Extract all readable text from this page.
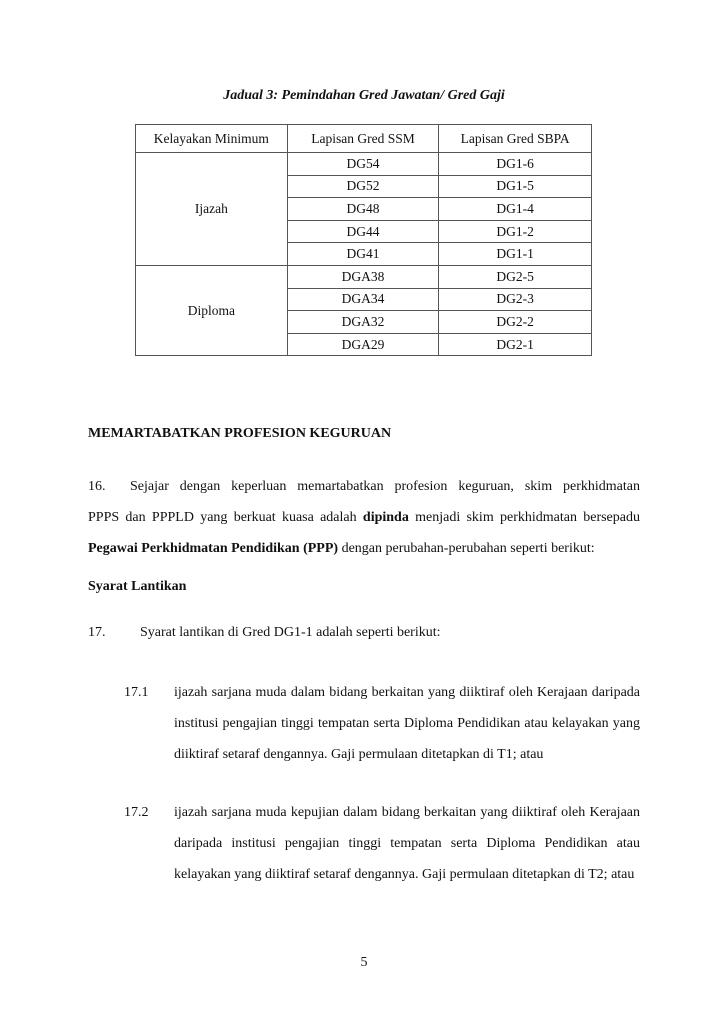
Jadual 3: Pemindahan Gred Jawatan/ Gred Gaji
Kelayakan Minimum	Lapisan Gred SSM	Lapisan Gred SBPA
Ijazah	DG54	DG1-6
	DG52	DG1-5
	DG48	DG1-4
	DG44	DG1-2
	DG41	DG1-1
Diploma	DGA38	DG2-5
	DGA34	DG2-3
	DGA32	DG2-2
	DGA29	DG2-1
MEMARTABATKAN PROFESION KEGURUAN
16. Sejajar dengan keperluan memartabatkan profesion keguruan, skim perkhidmatan
PPPS dan PPPLD yang berkuat kuasa adalah dipinda menjadi skim perkhidmatan bersepadu
Pegawai Perkhidmatan Pendidikan (PPP) dengan perubahan-perubahan seperti berikut:
Syarat Lantikan
17. Syarat lantikan di Gred DG1-1 adalah seperti berikut:
17.1 ijazah sarjana muda dalam bidang berkaitan yang diiktiraf oleh Kerajaan daripada institusi pengajian tinggi tempatan serta Diploma Pendidikan atau kelayakan yang diiktiraf setaraf dengannya. Gaji permulaan ditetapkan di T1; atau
17.2 ijazah sarjana muda kepujian dalam bidang berkaitan yang diiktiraf oleh Kerajaan daripada institusi pengajian tinggi tempatan serta Diploma Pendidikan atau kelayakan yang diiktiraf setaraf dengannya. Gaji permulaan ditetapkan di T2; atau
5
